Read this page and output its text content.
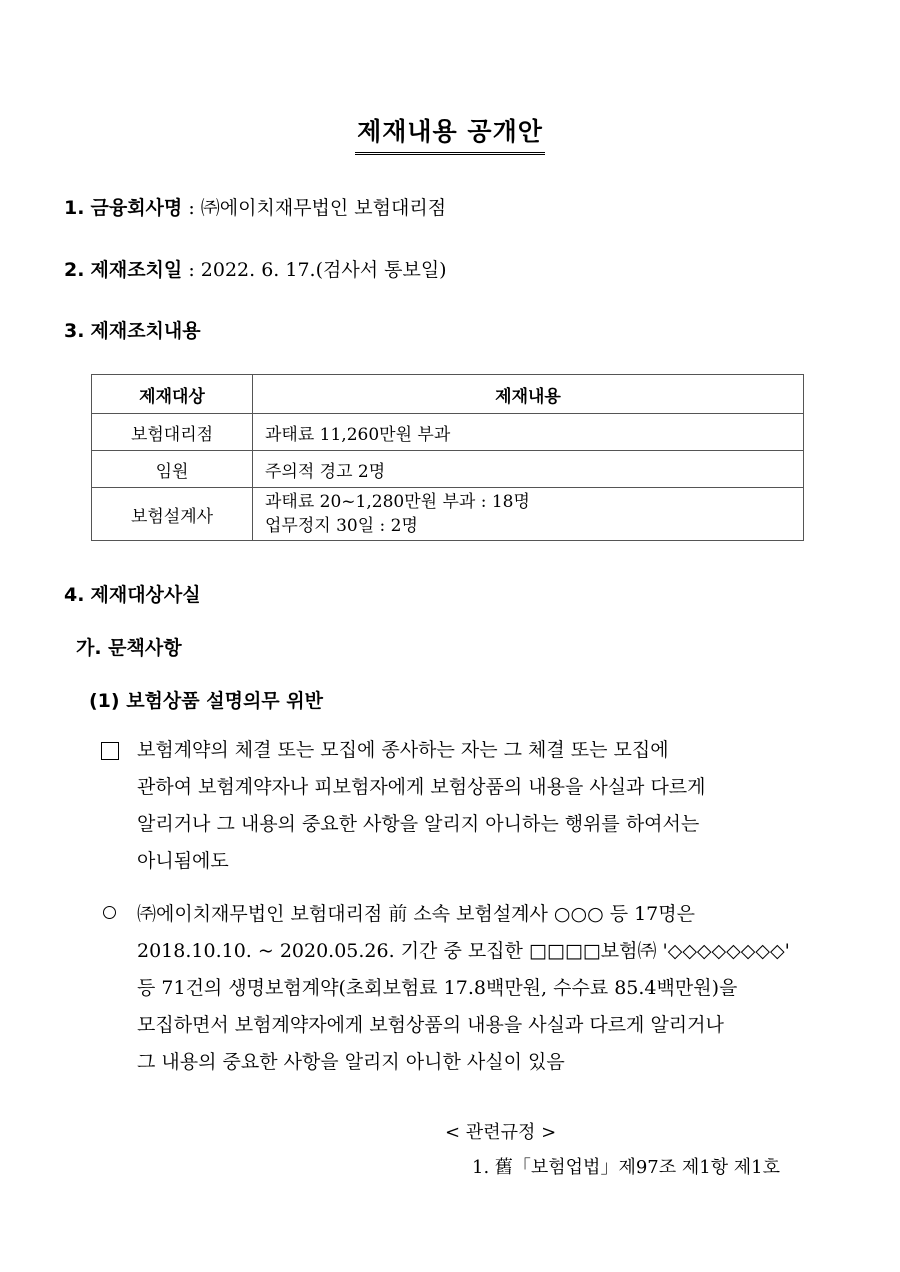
제재내용 공개안
1. 금융회사명 : ㈜에이치재무법인 보험대리점
2. 제재조치일 : 2022. 6. 17.(검사서 통보일)
3. 제재조치내용
제재대상	제재내용
보험대리점	과태료 11,260만원 부과
임원	주의적 경고 2명
보험설계사	과태료 20~1,280만원 부과 : 18명
업무정지 30일 : 2명
4. 제재대상사실
가. 문책사항
(1) 보험상품 설명의무 위반
보험계약의 체결 또는 모집에 종사하는 자는 그 체결 또는 모집에
관하여 보험계약자나 피보험자에게 보험상품의 내용을 사실과 다르게
알리거나 그 내용의 중요한 사항을 알리지 아니하는 행위를 하여서는
아니됨에도
㈜에이치재무법인 보험대리점 前 소속 보험설계사 ○○○ 등 17명은
2018.10.10. ~ 2020.05.26. 기간 중 모집한 □□□□보험㈜ '◇◇◇◇◇◇◇◇'
등 71건의 생명보험계약(초회보험료 17.8백만원, 수수료 85.4백만원)을
모집하면서 보험계약자에게 보험상품의 내용을 사실과 다르게 알리거나
그 내용의 중요한 사항을 알리지 아니한 사실이 있음
< 관련규정 >
1. 舊「보험업법」제97조 제1항 제1호
